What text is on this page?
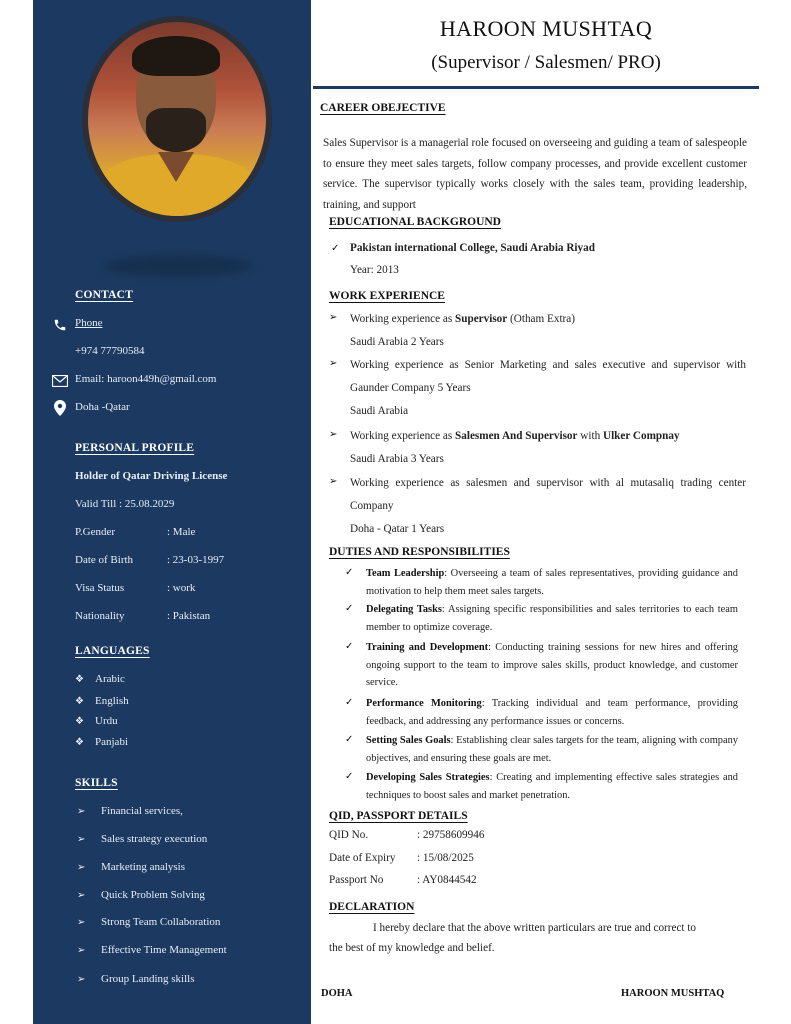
CONTACT
Phone
+974 77790584
Email: haroon449h@gmail.com
Doha -Qatar
PERSONAL PROFILE
Holder of Qatar Driving License
Valid Till : 25.08.2029
P.Gender	: Male
Date of Birth	: 23-03-1997
Visa Status	: work
Nationality	: Pakistan
LANGUAGES
❖ Arabic
❖ English
❖ Urdu
❖ Panjabi
SKILLS
➢ Financial services,
➢ Sales strategy execution
➢ Marketing analysis
➢ Quick Problem Solving
➢ Strong Team Collaboration
➢ Effective Time Management
➢ Group Landing skills
HAROON MUSHTAQ
(Supervisor / Salesmen/ PRO)
CAREER OBEJECTIVE
Sales Supervisor is a managerial role focused on overseeing and guiding a team of salespeople to ensure they meet sales targets, follow company processes, and provide excellent customer service. The supervisor typically works closely with the sales team, providing leadership, training, and support
EDUCATIONAL BACKGROUND
✓ Pakistan international College, Saudi Arabia Riyad
Year: 2013
WORK EXPERIENCE
➢ Working experience as Supervisor (Otham Extra)
Saudi Arabia 2 Years
➢ Working experience as Senior Marketing and sales executive and supervisor with Gaunder Company 5 Years
Saudi Arabia
➢ Working experience as Salesmen And Supervisor with Ulker Compnay
Saudi Arabia 3 Years
➢ Working experience as salesmen and supervisor with al mutasaliq trading center Company
Doha - Qatar 1 Years
DUTIES AND RESPONSIBILITIES
✓ Team Leadership: Overseeing a team of sales representatives, providing guidance and motivation to help them meet sales targets.
✓ Delegating Tasks: Assigning specific responsibilities and sales territories to each team member to optimize coverage.
✓ Training and Development: Conducting training sessions for new hires and offering ongoing support to the team to improve sales skills, product knowledge, and customer service.
✓ Performance Monitoring: Tracking individual and team performance, providing feedback, and addressing any performance issues or concerns.
✓ Setting Sales Goals: Establishing clear sales targets for the team, aligning with company objectives, and ensuring these goals are met.
✓ Developing Sales Strategies: Creating and implementing effective sales strategies and techniques to boost sales and market penetration.
QID, PASSPORT DETAILS
QID No.	: 29758609946
Date of Expiry : 15/08/2025
Passport No	: AY0844542
DECLARATION
I hereby declare that the above written particulars are true and correct to
the best of my knowledge and belief.
DOHA	HAROON MUSHTAQ
